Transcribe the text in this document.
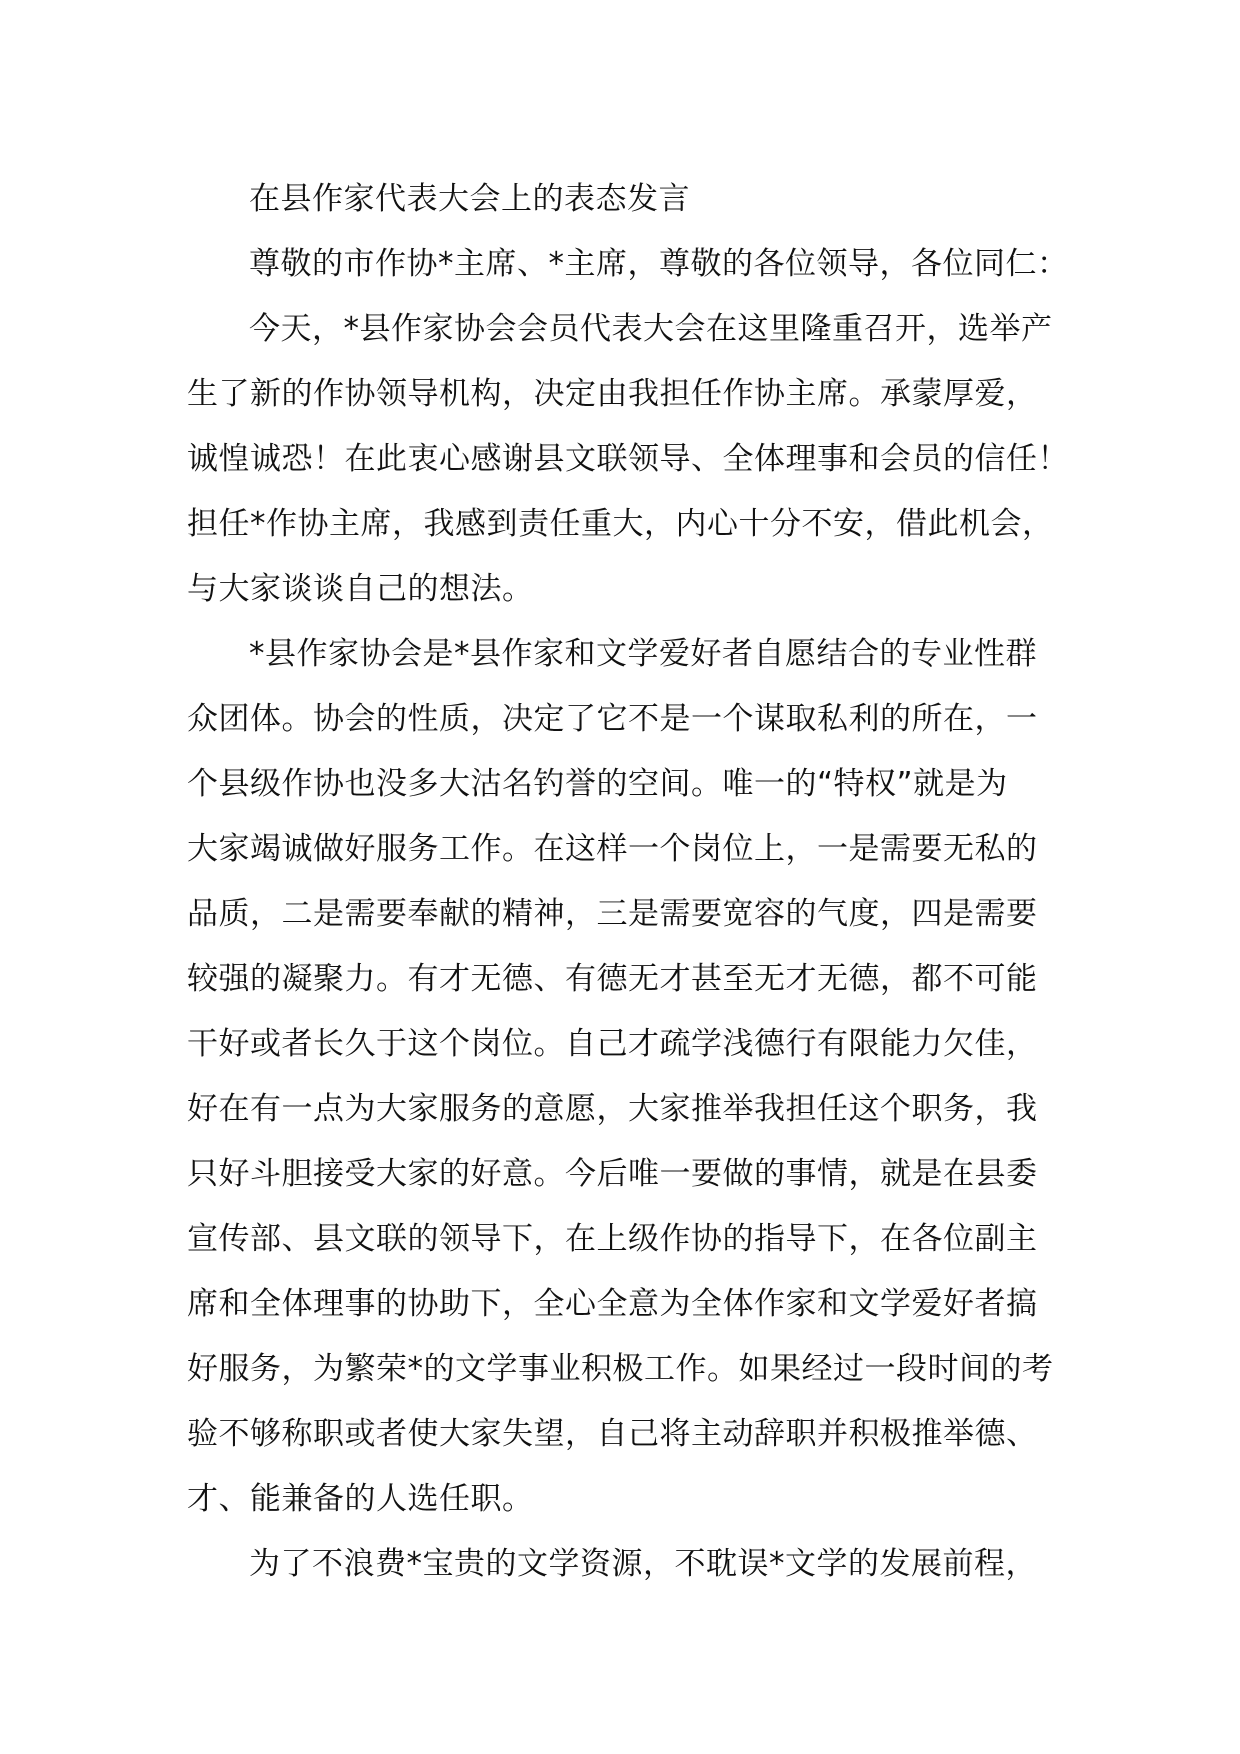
在县作家代表大会上的表态发言
尊敬的市作协*主席、*主席，尊敬的各位领导，各位同仁：
今天，*县作家协会会员代表大会在这里隆重召开，选举产
生了新的作协领导机构，决定由我担任作协主席。承蒙厚爱，
诚惶诚恐！在此衷心感谢县文联领导、全体理事和会员的信任！
担任*作协主席，我感到责任重大，内心十分不安，借此机会，
与大家谈谈自己的想法。
*县作家协会是*县作家和文学爱好者自愿结合的专业性群
众团体。协会的性质，决定了它不是一个谋取私利的所在，一
个县级作协也没多大沽名钓誉的空间。唯一的“特权”就是为
大家竭诚做好服务工作。在这样一个岗位上，一是需要无私的
品质，二是需要奉献的精神，三是需要宽容的气度，四是需要
较强的凝聚力。有才无德、有德无才甚至无才无德，都不可能
干好或者长久于这个岗位。自己才疏学浅德行有限能力欠佳，
好在有一点为大家服务的意愿，大家推举我担任这个职务，我
只好斗胆接受大家的好意。今后唯一要做的事情，就是在县委
宣传部、县文联的领导下，在上级作协的指导下，在各位副主
席和全体理事的协助下，全心全意为全体作家和文学爱好者搞
好服务，为繁荣*的文学事业积极工作。如果经过一段时间的考
验不够称职或者使大家失望，自己将主动辞职并积极推举德、
才、能兼备的人选任职。
为了不浪费*宝贵的文学资源，不耽误*文学的发展前程，
